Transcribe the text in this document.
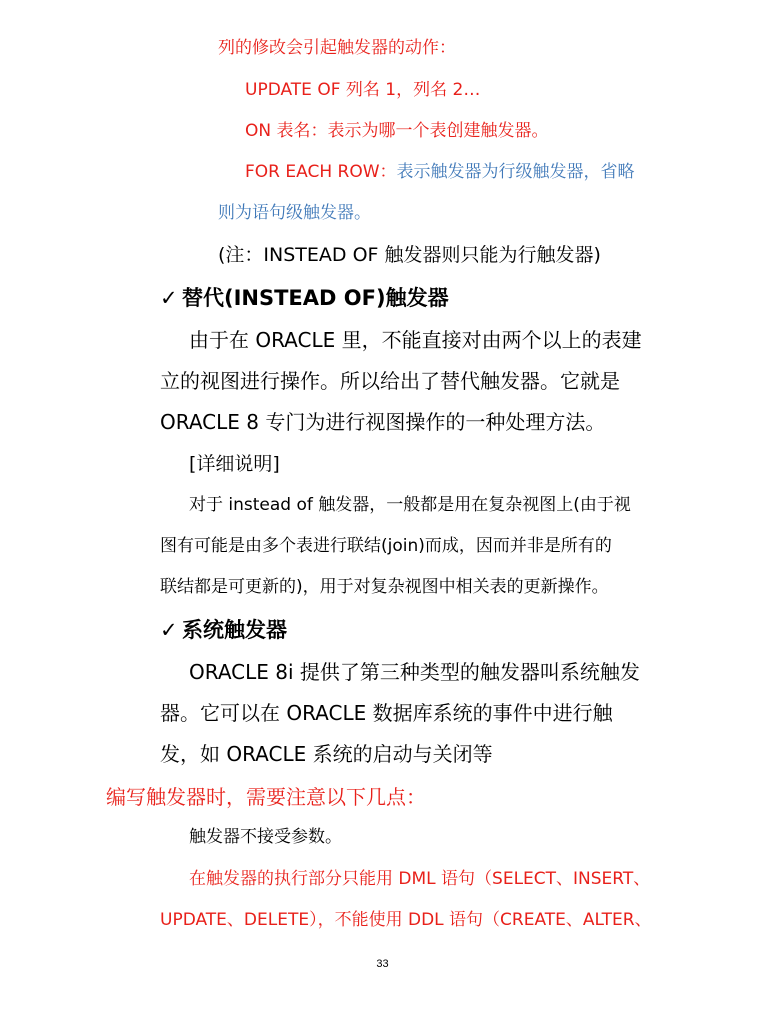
列的修改会引起触发器的动作：
UPDATE OF 列名 1，列名 2…
ON 表名：表示为哪一个表创建触发器。
FOR EACH ROW：表示触发器为行级触发器，省略
则为语句级触发器。
(注：INSTEAD OF 触发器则只能为行触发器)
✓ 替代(INSTEAD OF)触发器
由于在 ORACLE 里，不能直接对由两个以上的表建
立的视图进行操作。所以给出了替代触发器。它就是
ORACLE 8 专门为进行视图操作的一种处理方法。
[详细说明]
对于 instead of 触发器，一般都是用在复杂视图上(由于视
图有可能是由多个表进行联结(join)而成，因而并非是所有的
联结都是可更新的)，用于对复杂视图中相关表的更新操作。
✓ 系统触发器
ORACLE 8i 提供了第三种类型的触发器叫系统触发
器。它可以在 ORACLE 数据库系统的事件中进行触
发，如 ORACLE 系统的启动与关闭等
编写触发器时，需要注意以下几点：
触发器不接受参数。
在触发器的执行部分只能用 DML 语句（SELECT、INSERT、
UPDATE、DELETE），不能使用 DDL 语句（CREATE、ALTER、
33
